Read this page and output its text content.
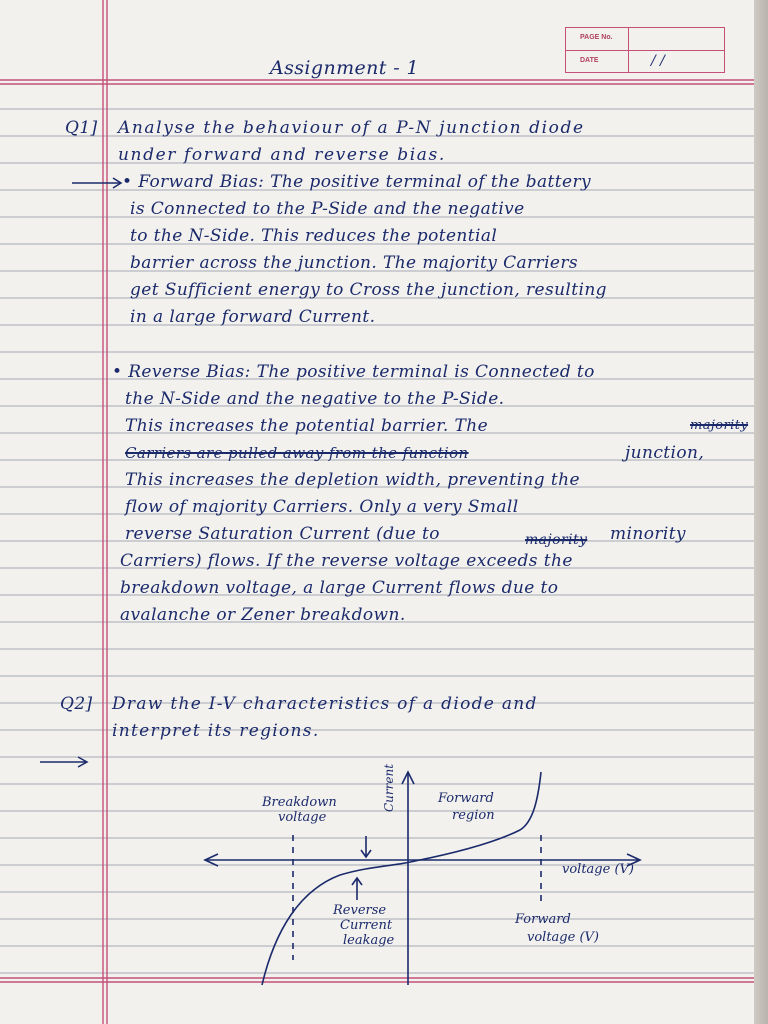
PAGE No.
DATE	/ /
Assignment - 1
Q1] Analyse the behaviour of a P-N junction diode
under forward and reverse bias.
• Forward Bias: The positive terminal of the battery
is Connected to the P-Side and the negative
to the N-Side. This reduces the potential
barrier across the junction. The majority Carriers
get Sufficient energy to Cross the junction, resulting
in a large forward Current.
• Reverse Bias: The positive terminal is Connected to
the N-Side and the negative to the P-Side.
This increases the potential barrier. The	majority
Carriers are pulled away from the function	junction,
This increases the depletion width, preventing the
flow of majority Carriers. Only a very Small
reverse Saturation Current (due to	majority minority
Carriers) flows. If the reverse voltage exceeds the
breakdown voltage, a large Current flows due to
avalanche or Zener breakdown.
Q2] Draw the I-V characteristics of a diode and
interpret its regions.
Breakdown
voltage
Current	Forward
region
voltage (V)
Reverse
Current
leakage
Forward
voltage (V)
